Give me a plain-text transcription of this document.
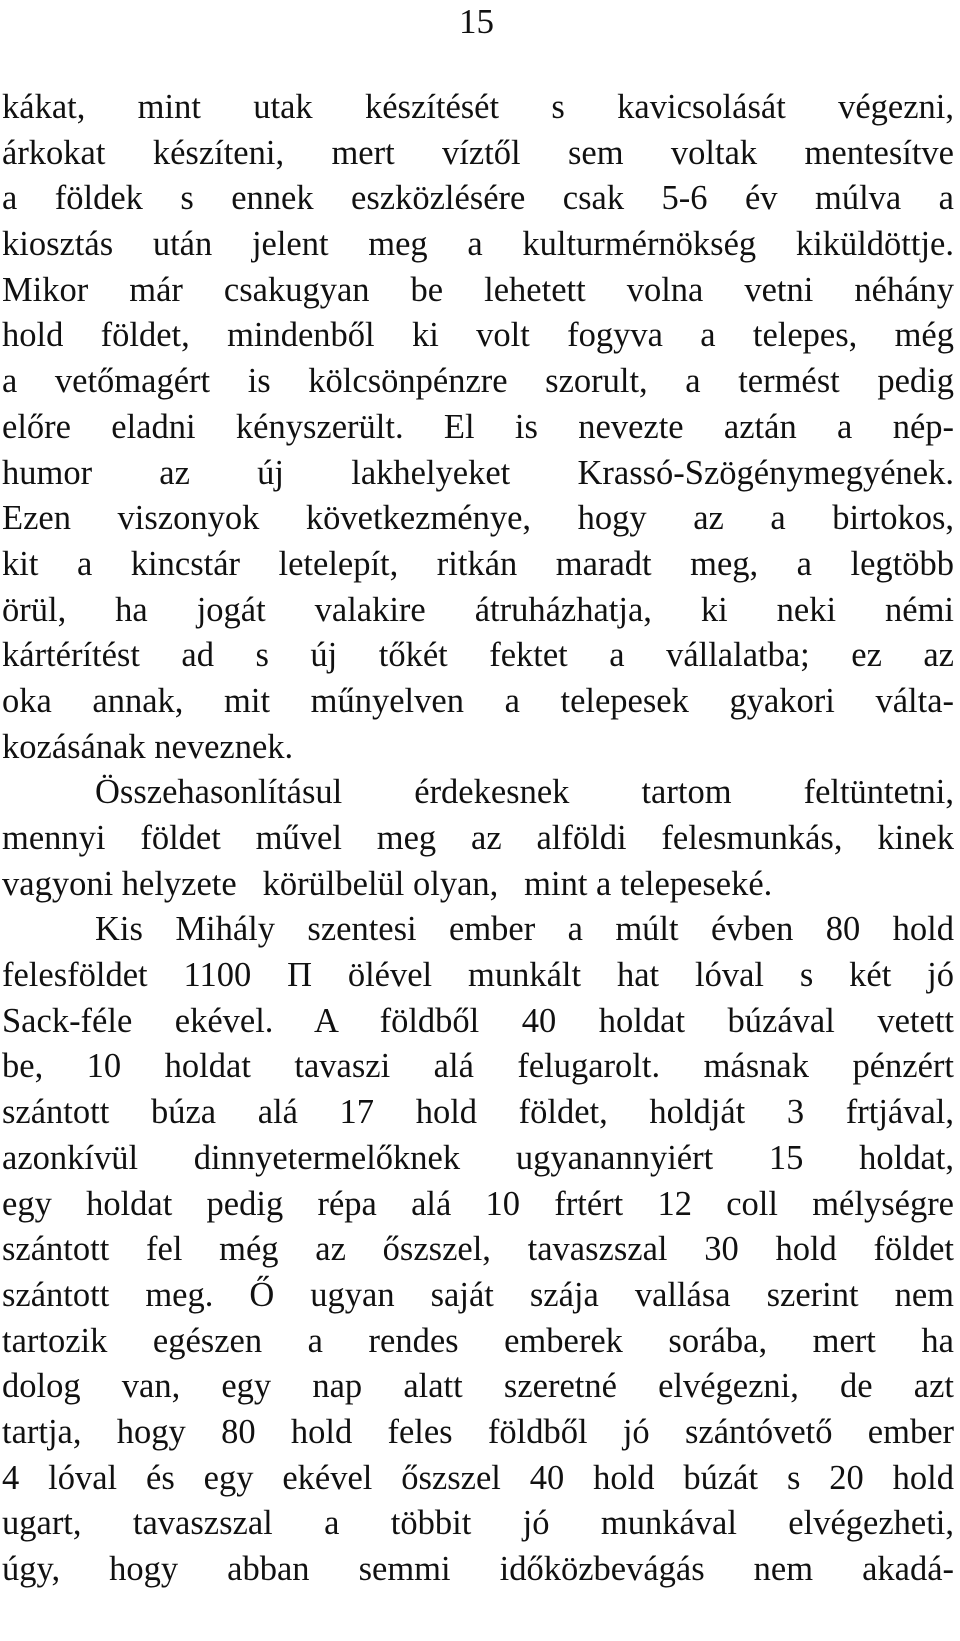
15
kákat, mint utak készítését s kavicsolását végezni,
árkokat készíteni, mert víztől sem voltak mentesítve
a földek s ennek eszközlésére csak 5-6 év múlva a
kiosztás után jelent meg a kulturmérnökség kiküldöttje.
Mikor már csakugyan be lehetett volna vetni néhány
hold földet, mindenből ki volt fogyva a telepes, még
a vetőmagért is kölcsönpénzre szorult, a termést pedig
előre eladni kényszerült. El is nevezte aztán a nép-
humor az új lakhelyeket Krassó-Szögénymegyének.
Ezen viszonyok következménye, hogy az a birtokos,
kit a kincstár letelepít, ritkán maradt meg, a legtöbb
örül, ha jogát valakire átruházhatja, ki neki némi
kártérítést ad s új tőkét fektet a vállalatba; ez az
oka annak, mit műnyelven a telepesek gyakori válta-
kozásának neveznek.
Összehasonlításul érdekesnek tartom feltüntetni,
mennyi földet művel meg az alföldi felesmunkás, kinek
vagyoni helyzete   körülbelül olyan,   mint a telepeseké.
Kis Mihály szentesi ember a múlt évben 80 hold
felesföldet 1100 Π ölével munkált hat lóval s két jó
Sack-féle ekével. A földből 40 holdat búzával vetett
be, 10 holdat tavaszi alá felugarolt. másnak pénzért
szántott búza alá 17 hold földet, holdját 3 frtjával,
azonkívül dinnyetermelőknek ugyanannyiért 15 holdat,
egy holdat pedig répa alá 10 frtért 12 coll mélységre
szántott fel még az őszszel, tavaszszal 30 hold földet
szántott meg. Ő ugyan saját szája vallása szerint nem
tartozik egészen a rendes emberek sorába, mert ha
dolog van, egy nap alatt szeretné elvégezni, de azt
tartja, hogy 80 hold feles földből jó szántóvető ember
4 lóval és egy ekével őszszel 40 hold búzát s 20 hold
ugart, tavaszszal a többit jó munkával elvégezheti,
úgy, hogy abban semmi időközbevágás nem akadá-
